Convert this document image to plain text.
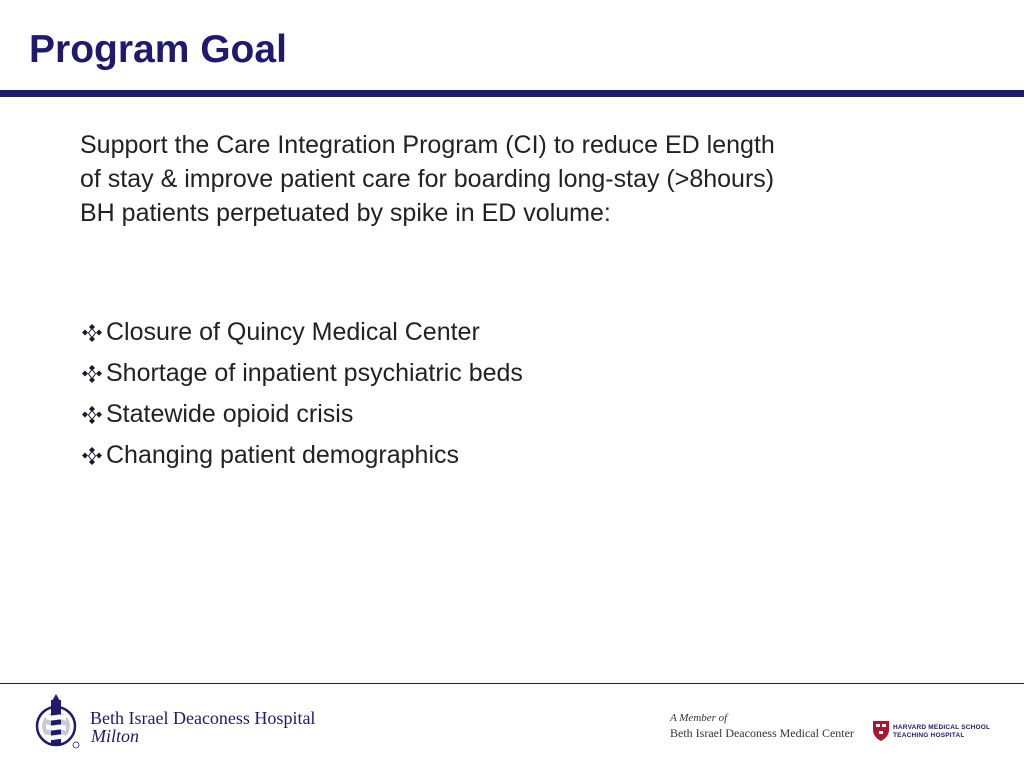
Program Goal

Support the Care Integration Program (CI) to reduce ED length of stay & improve patient care for boarding long-stay (>8hours) BH patients perpetuated by spike in ED volume:

Closure of Quincy Medical Center
Shortage of inpatient psychiatric beds
Statewide opioid crisis
Changing patient demographics
Beth Israel Deaconess Hospital
Milton
A Member of
Beth Israel Deaconess Medical Center	HARVARD MEDICAL SCHOOL
TEACHING HOSPITAL
